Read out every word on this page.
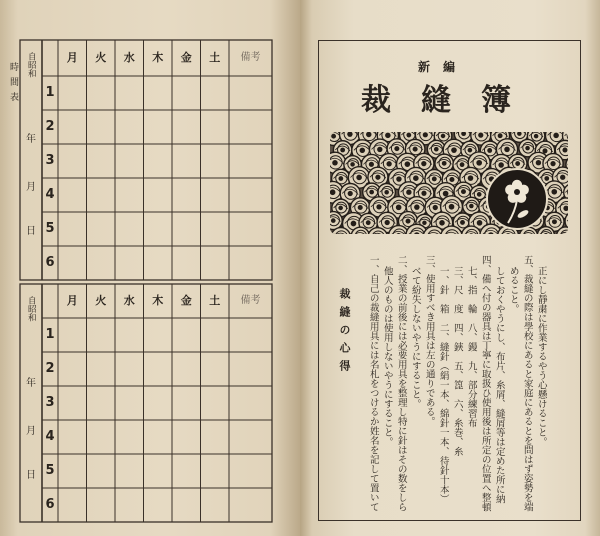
時間表
月	火	水	木	金	土	備考
1
2
3
4
5
6
自昭和
年
月
日
月	火	水	木	金	土	備考
1
2
3
4
5
6
自昭和
年
月
日
新編
裁縫簿
裁縫の心得 一、自己の裁縫用具には名札をつけるか姓名を記して置いて 他人のものは使用しないやうにすること。 二、授業の前後には必要用具を整理し特に針はその数をしら べて紛失しないやうにすること。 三、使用すべき用具は左の通りである。 一、針　箱　二、縫針（絹一本、綿針一本、待針十本） 三、尺　度　四、鋏　五、箆　六、糸巻、糸 七、指　輪　八、鏝　九、部分練習布 四、備へ付の器具は丁寧に取扱ひ使用後は所定の位置へ整頓 しておくやうにし、布片、糸屑、縫屑等は定めた所に納 めること。 五、裁縫の際は學校にあると家庭にあるとを問はず姿勢を端 正にし靜粛に作業するやう心懸けること。
